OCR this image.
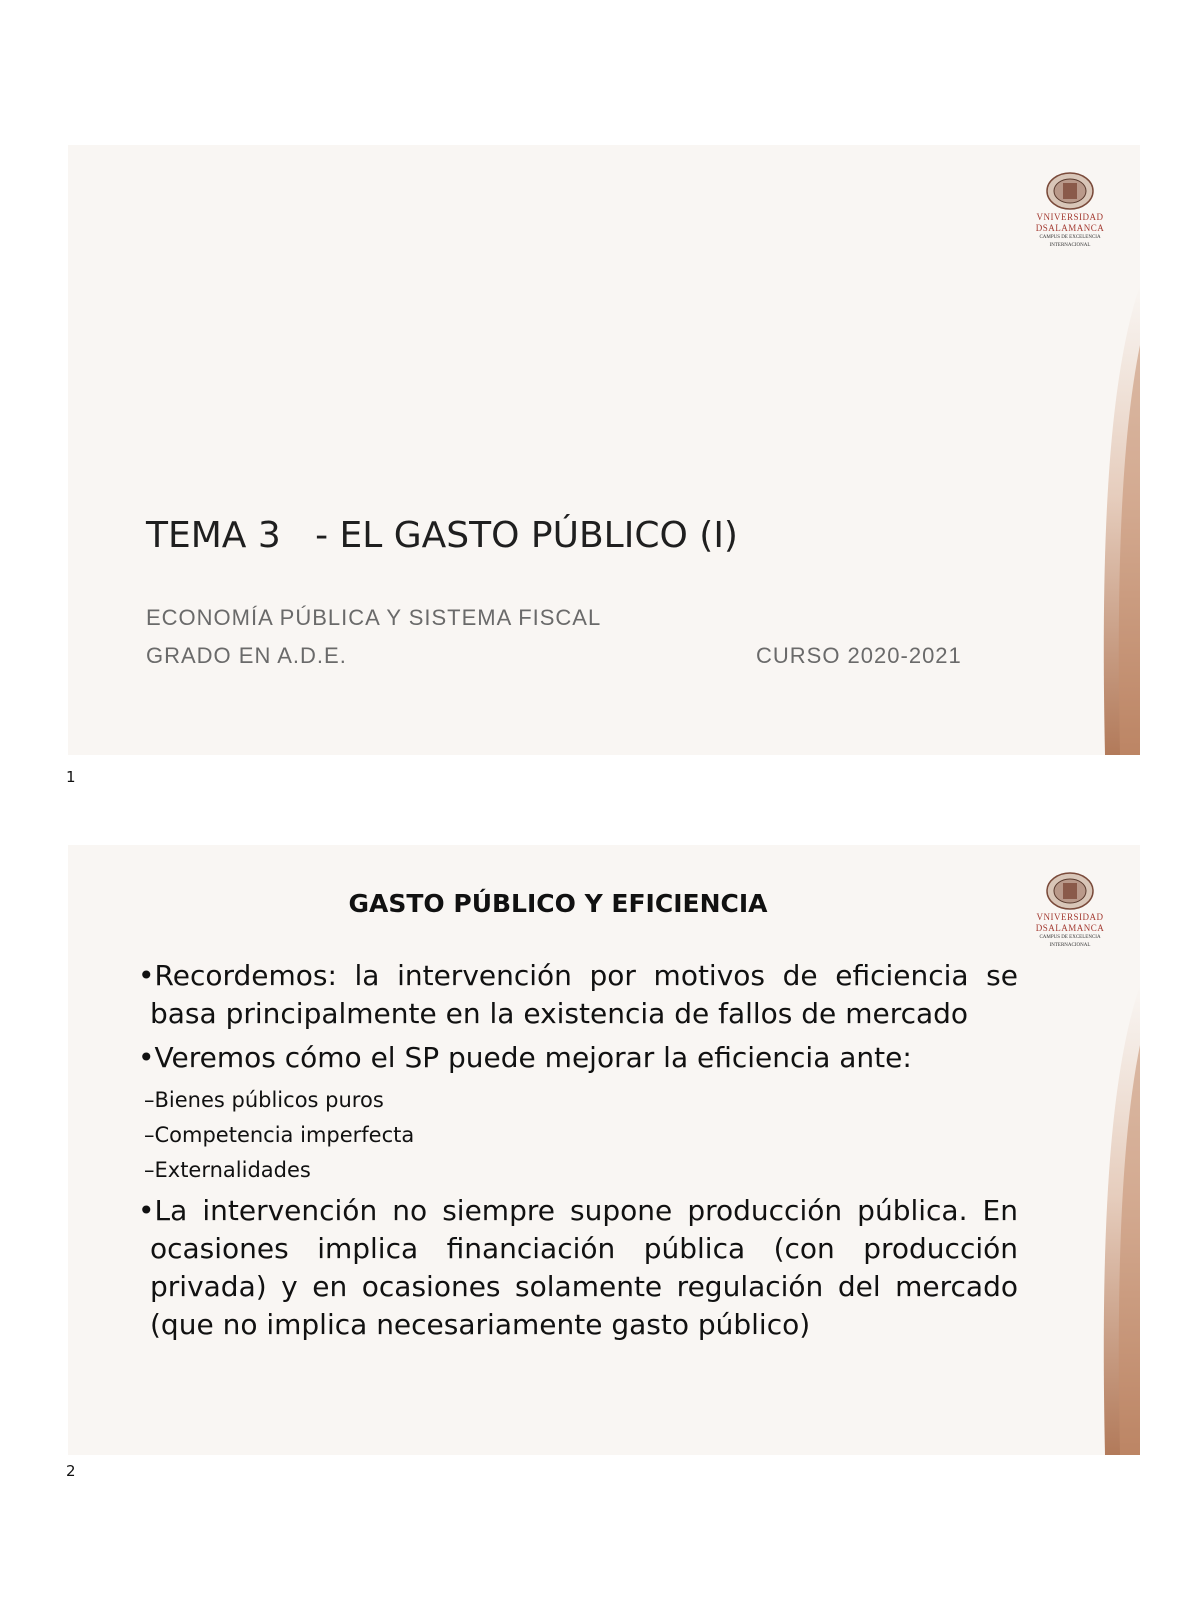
VNIVERSIDAD
DSALAMANCA
CAMPUS DE EXCELENCIA
INTERNACIONAL
TEMA 3   - EL GASTO PÚBLICO (I)
ECONOMÍA PÚBLICA Y SISTEMA FISCAL
GRADO EN A.D.E.	CURSO 2020-2021
1
VNIVERSIDAD
DSALAMANCA
CAMPUS DE EXCELENCIA
INTERNACIONAL
GASTO PÚBLICO Y EFICIENCIA
•Recordemos: la intervención por motivos de eficiencia se basa principalmente en la existencia de fallos de mercado
•Veremos cómo el SP puede mejorar la eficiencia ante:
–Bienes públicos puros
–Competencia imperfecta
–Externalidades
•La intervención no siempre supone producción pública. En ocasiones implica financiación pública (con producción privada) y en ocasiones solamente regulación del mercado (que no implica necesariamente gasto público)
2
